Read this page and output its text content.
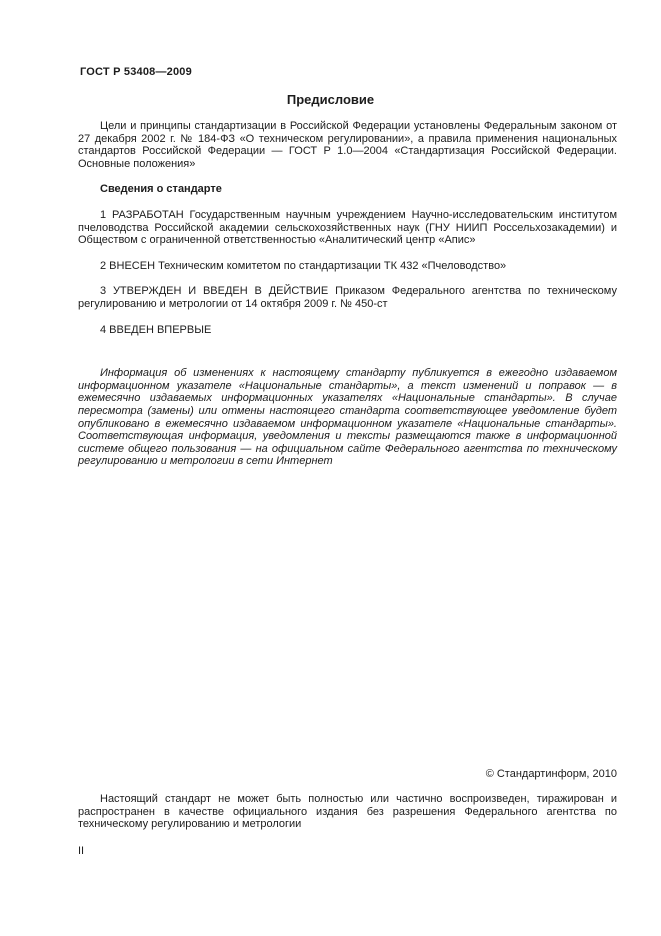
ГОСТ Р 53408—2009
Предисловие

Цели и принципы стандартизации в Российской Федерации установлены Федеральным законом от 27 декабря 2002 г. № 184-ФЗ «О техническом регулировании», а правила применения национальных стандартов Российской Федерации — ГОСТ Р 1.0—2004 «Стандартизация Российской Федерации. Основные положения»

Сведения о стандарте

1 РАЗРАБОТАН Государственным научным учреждением Научно-исследовательским институтом пчеловодства Российской академии сельскохозяйственных наук (ГНУ НИИП Россельхозакадемии) и Обществом с ограниченной ответственностью «Аналитический центр «Апис»

2 ВНЕСЕН Техническим комитетом по стандартизации ТК 432 «Пчеловодство»

3 УТВЕРЖДЕН И ВВЕДЕН В ДЕЙСТВИЕ Приказом Федерального агентства по техническому регулированию и метрологии от 14 октября 2009 г. № 450-ст

4 ВВЕДЕН ВПЕРВЫЕ

Информация об изменениях к настоящему стандарту публикуется в ежегодно издаваемом информационном указателе «Национальные стандарты», а текст изменений и поправок — в ежемесячно издаваемых информационных указателях «Национальные стандарты». В случае пересмотра (замены) или отмены настоящего стандарта соответствующее уведомление будет опубликовано в ежемесячно издаваемом информационном указателе «Национальные стандарты». Соответствующая информация, уведомления и тексты размещаются также в информационной системе общего пользования — на официальном сайте Федерального агентства по техническому регулированию и метрологии в сети Интернет

© Стандартинформ, 2010

Настоящий стандарт не может быть полностью или частично воспроизведен, тиражирован и распространен в качестве официального издания без разрешения Федерального агентства по техническому регулированию и метрологии

II
